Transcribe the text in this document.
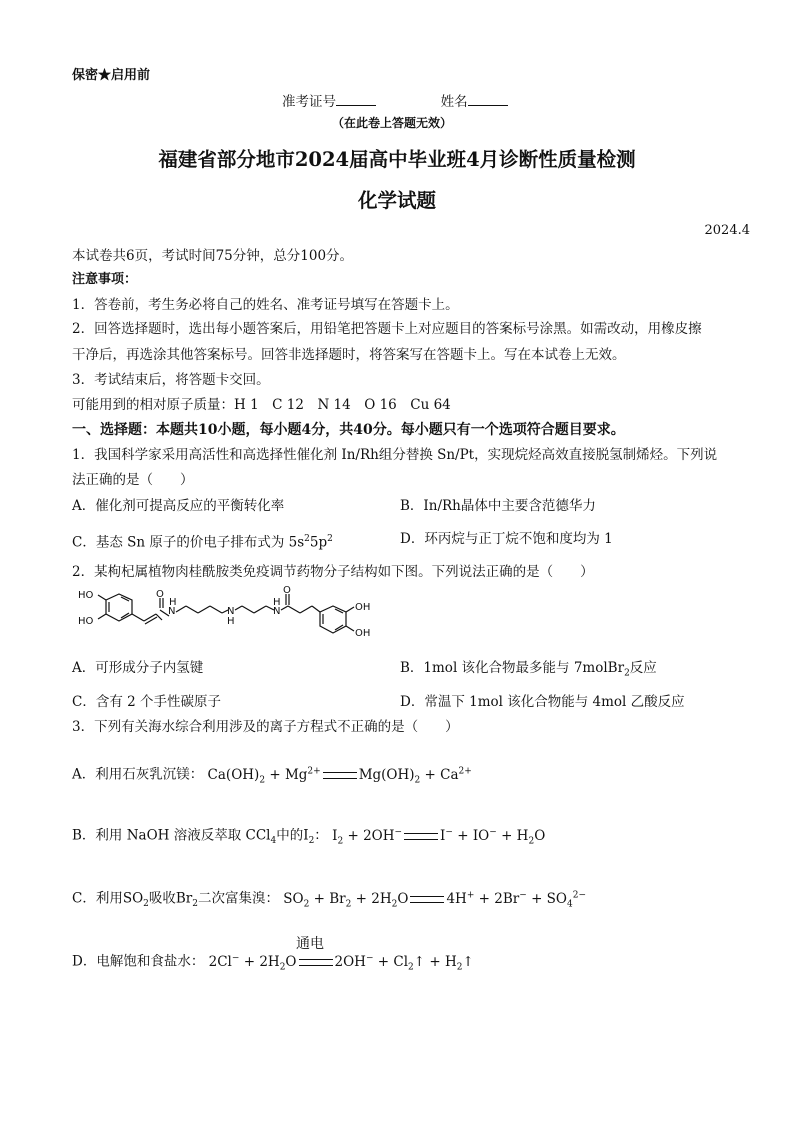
保密★启用前
准考证号	姓名
（在此卷上答题无效）
福建省部分地市2024届高中毕业班4月诊断性质量检测
化学试题
2024.4
本试卷共6页，考试时间75分钟，总分100分。
注意事项：
1．答卷前，考生务必将自己的姓名、准考证号填写在答题卡上。
2．回答选择题时，选出每小题答案后，用铅笔把答题卡上对应题目的答案标号涂黑。如需改动，用橡皮擦
干净后，再选涂其他答案标号。回答非选择题时，将答案写在答题卡上。写在本试卷上无效。
3．考试结束后，将答题卡交回。
可能用到的相对原子质量：H 1　C 12　N 14　O 16　Cu 64
一、选择题：本题共10小题，每小题4分，共40分。每小题只有一个选项符合题目要求。
1．我国科学家采用高活性和高选择性催化剂 In/Rh组分替换 Sn/Pt，实现烷烃高效直接脱氢制烯烃。下列说
法正确的是（　　）
A．催化剂可提高反应的平衡转化率	B．In/Rh晶体中主要含范德华力
C．基态 Sn 原子的价电子排布式为 $5s^25p^2$	D．环丙烷与正丁烷不饱和度均为 1
2．某枸杞属植物肉桂酰胺类免疫调节药物分子结构如下图。下列说法正确的是（　　）
HO
HO
O
N
H
N
H
N
H
O
OH
OH
A．可形成分子内氢键	B．1mol 该化合物最多能与 7molBr$_2$反应
C．含有 2 个手性碳原子	D．常温下 1mol 该化合物能与 4mol 乙酸反应
3．下列有关海水综合利用涉及的离子方程式不正确的是（　　）
A．利用石灰乳沉镁： $Ca(OH)_2 + Mg^{2+}$	$Mg(OH)_2 + Ca^{2+}$
B．利用 NaOH 溶液反萃取 CCl$_4$中的$I_2$： $I_2 + 2OH^-$	$I^- + IO^- + H_2O$
C．利用$SO_2$吸收$Br_2$二次富集溴： $SO_2 + Br_2 + 2H_2O$	$4H^+ + 2Br^- + SO_4^{2-}$
通电
D．电解饱和食盐水： $2Cl^- + 2H_2O$	$2OH^- + Cl_2↑$ + $H_2↑$
